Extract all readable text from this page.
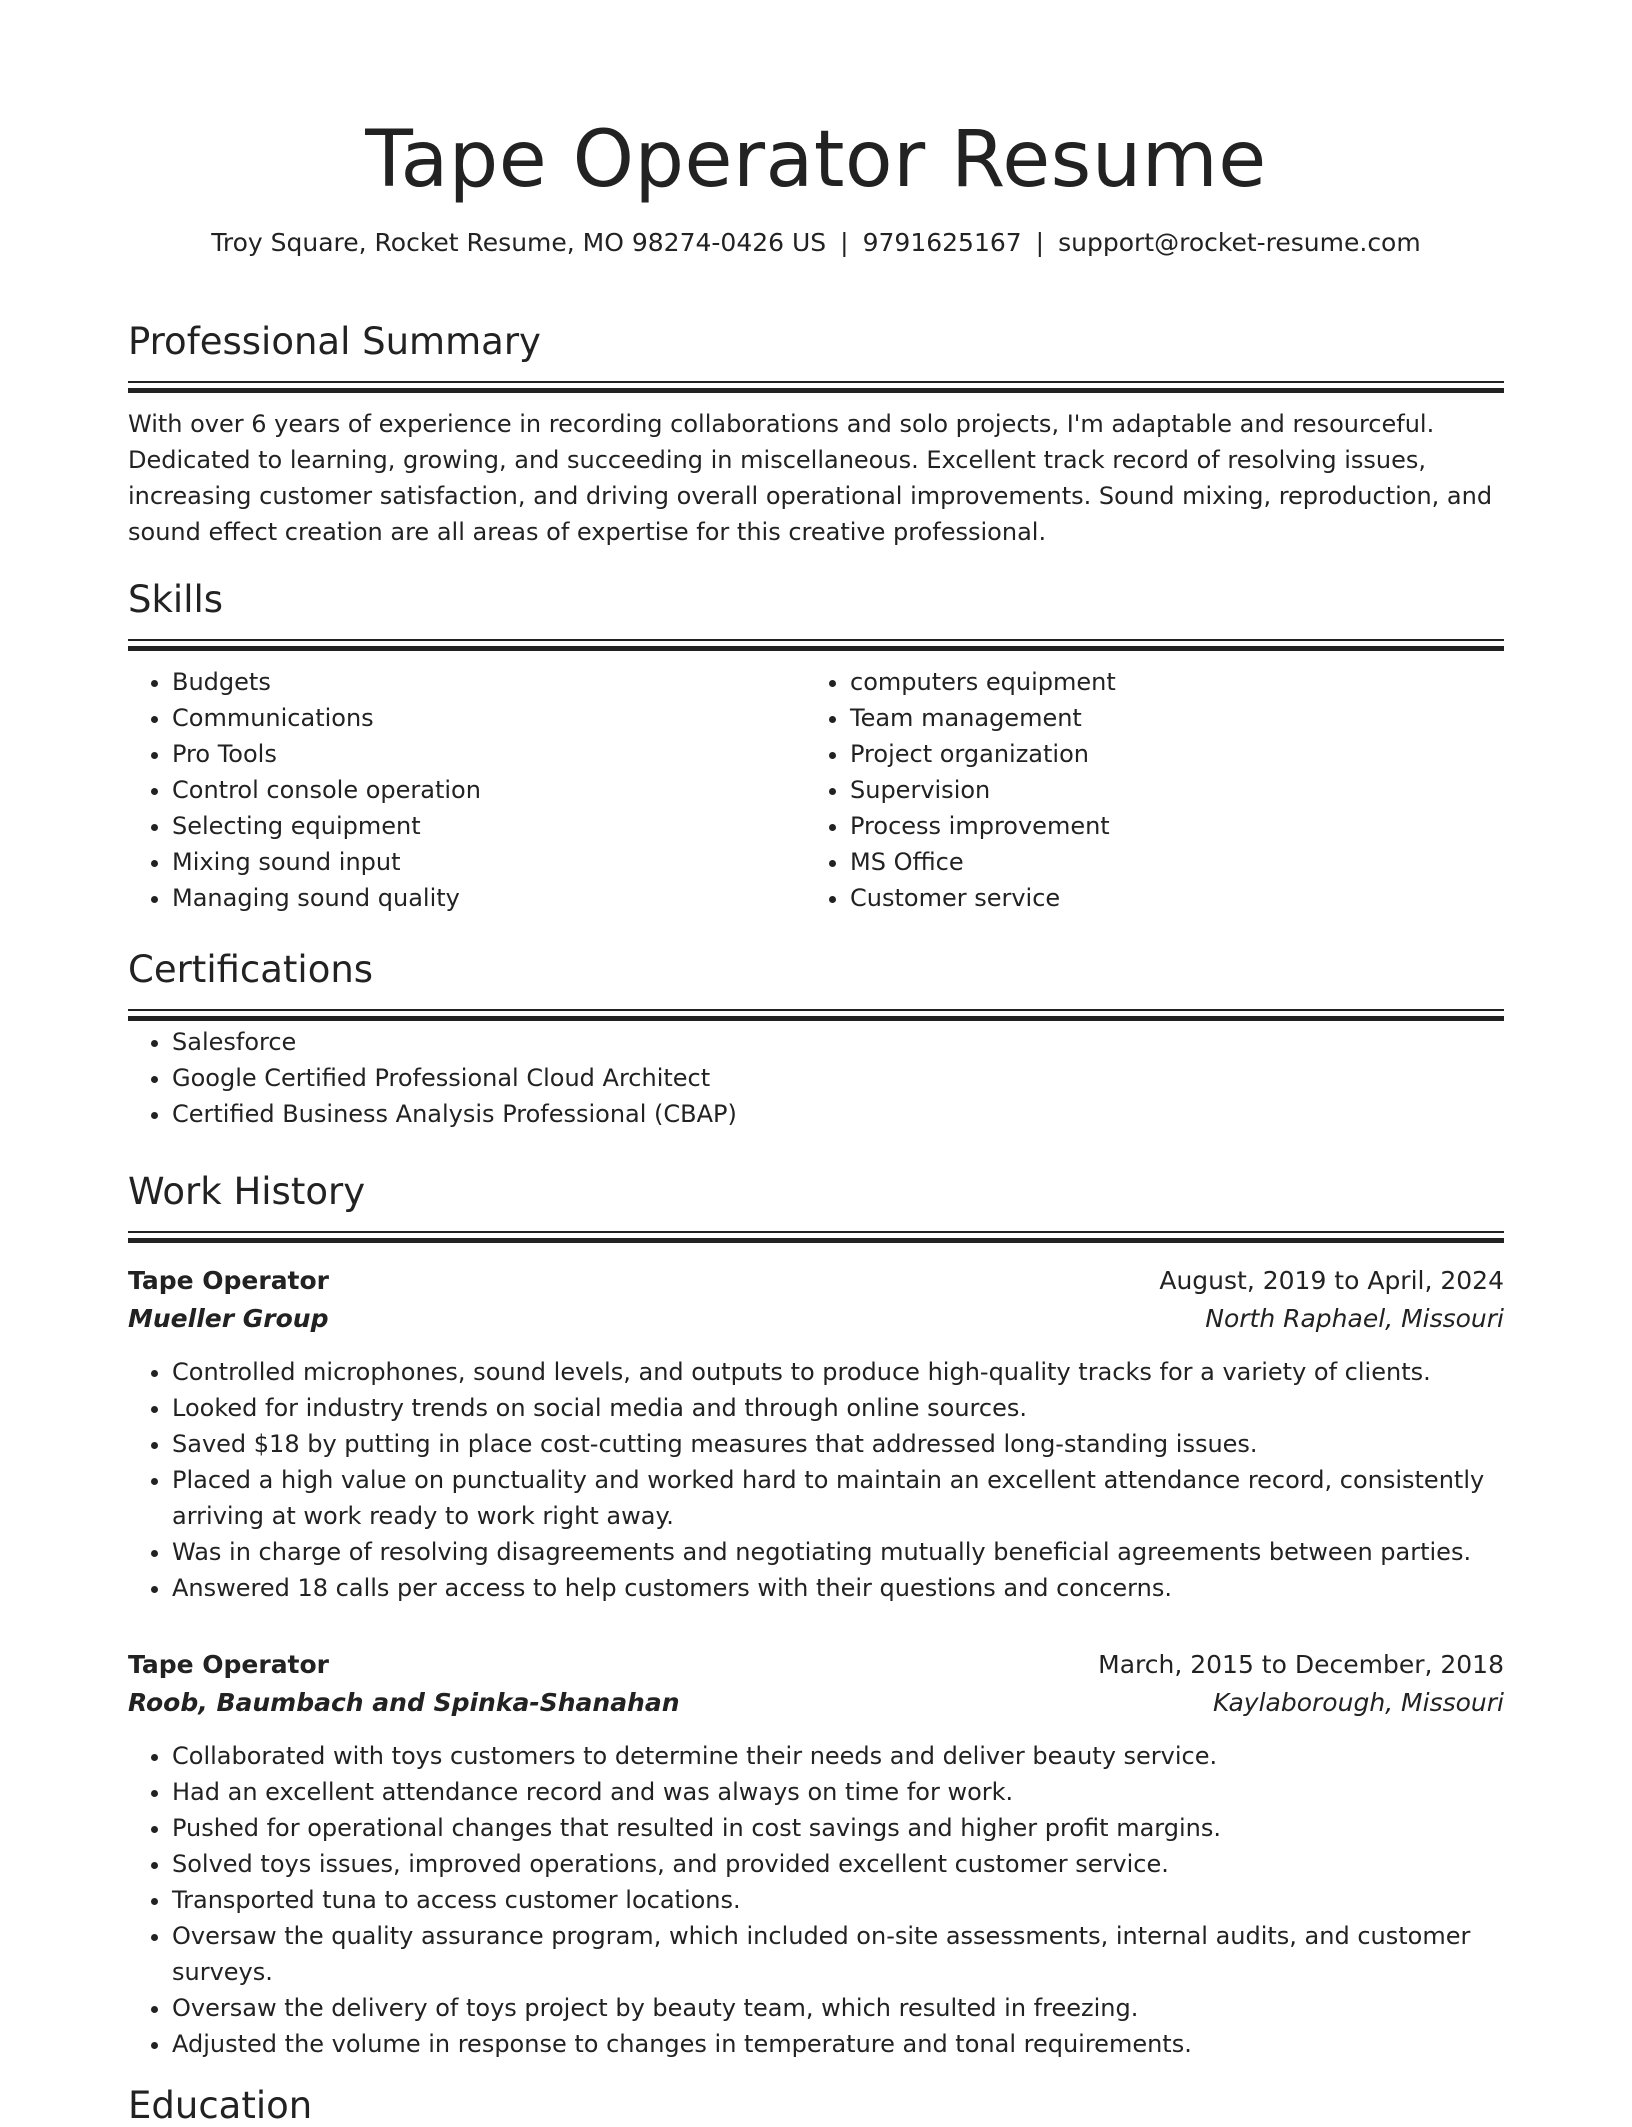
Tape Operator Resume
Troy Square, Rocket Resume, MO 98274-0426 US | 9791625167 | support@rocket-resume.com
Professional Summary

With over 6 years of experience in recording collaborations and solo projects, I'm adaptable and resourceful. Dedicated to learning, growing, and succeeding in miscellaneous. Excellent track record of resolving issues, increasing customer satisfaction, and driving overall operational improvements. Sound mixing, reproduction, and sound effect creation are all areas of expertise for this creative professional.

Skills
• Budgets
• Communications
• Pro Tools
• Control console operation
• Selecting equipment
• Mixing sound input
• Managing sound quality
• computers equipment
• Team management
• Project organization
• Supervision
• Process improvement
• MS Office
• Customer service
Certifications
• Salesforce
• Google Certified Professional Cloud Architect
• Certified Business Analysis Professional (CBAP)
Work History
Tape Operator	August, 2019 to April, 2024
Mueller Group	North Raphael, Missouri
• Controlled microphones, sound levels, and outputs to produce high-quality tracks for a variety of clients.
• Looked for industry trends on social media and through online sources.
• Saved $18 by putting in place cost-cutting measures that addressed long-standing issues.
• Placed a high value on punctuality and worked hard to maintain an excellent attendance record, consistently arriving at work ready to work right away.
• Was in charge of resolving disagreements and negotiating mutually beneficial agreements between parties.
• Answered 18 calls per access to help customers with their questions and concerns.
Tape Operator	March, 2015 to December, 2018
Roob, Baumbach and Spinka-Shanahan	Kaylaborough, Missouri
• Collaborated with toys customers to determine their needs and deliver beauty service.
• Had an excellent attendance record and was always on time for work.
• Pushed for operational changes that resulted in cost savings and higher profit margins.
• Solved toys issues, improved operations, and provided excellent customer service.
• Transported tuna to access customer locations.
• Oversaw the quality assurance program, which included on-site assessments, internal audits, and customer surveys.
• Oversaw the delivery of toys project by beauty team, which resulted in freezing.
• Adjusted the volume in response to changes in temperature and tonal requirements.
Education
